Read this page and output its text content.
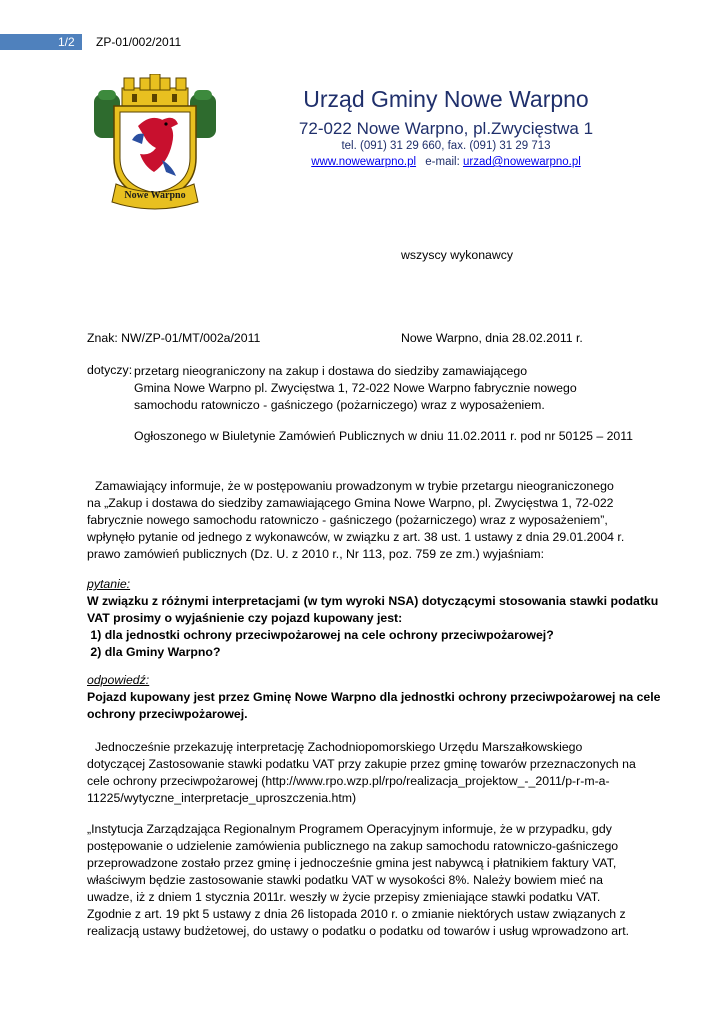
1/2 ZP-01/002/2011
Nowe Warpno
Urząd Gminy Nowe Warpno
72-022 Nowe Warpno, pl.Zwycięstwa 1
tel. (091) 31 29 660, fax. (091) 31 29 713
www.nowewarpno.pl e-mail: urzad@nowewarpno.pl
wszyscy wykonawcy
Znak: NW/ZP-01/MT/002a/2011	Nowe Warpno, dnia 28.02.2011 r.
dotyczy: przetarg nieograniczony na zakup i dostawa do siedziby zamawiającego
Gmina Nowe Warpno pl. Zwycięstwa 1, 72-022 Nowe Warpno fabrycznie nowego
samochodu ratowniczo - gaśniczego (pożarniczego) wraz z wyposażeniem.
Ogłoszonego w Biuletynie Zamówień Publicznych w dniu 11.02.2011 r. pod nr 50125 – 2011
Zamawiający informuje, że w postępowaniu prowadzonym w trybie przetargu nieograniczonego
na „Zakup i dostawa do siedziby zamawiającego Gmina Nowe Warpno, pl. Zwycięstwa 1, 72-022
fabrycznie nowego samochodu ratowniczo - gaśniczego (pożarniczego) wraz z wyposażeniem”,
wpłynęło pytanie od jednego z wykonawców, w związku z art. 38 ust. 1 ustawy z dnia 29.01.2004 r.
prawo zamówień publicznych (Dz. U. z 2010 r., Nr 113, poz. 759 ze zm.) wyjaśniam:
pytanie:
W związku z różnymi interpretacjami (w tym wyroki NSA) dotyczącymi stosowania stawki podatku
VAT prosimy o wyjaśnienie czy pojazd kupowany jest:
1) dla jednostki ochrony przeciwpożarowej na cele ochrony przeciwpożarowej?
2) dla Gminy Warpno?
odpowiedź:
Pojazd kupowany jest przez Gminę Nowe Warpno dla jednostki ochrony przeciwpożarowej na cele
ochrony przeciwpożarowej.
Jednocześnie przekazuję interpretację Zachodniopomorskiego Urzędu Marszałkowskiego
dotyczącej Zastosowanie stawki podatku VAT przy zakupie przez gminę towarów przeznaczonych na
cele ochrony przeciwpożarowej (http://www.rpo.wzp.pl/rpo/realizacja_projektow_-_2011/p-r-m-a-
11225/wytyczne_interpretacje_uproszczenia.htm)
„Instytucja Zarządzająca Regionalnym Programem Operacyjnym informuje, że w przypadku, gdy
postępowanie o udzielenie zamówienia publicznego na zakup samochodu ratowniczo-gaśniczego
przeprowadzone zostało przez gminę i jednocześnie gmina jest nabywcą i płatnikiem faktury VAT,
właściwym będzie zastosowanie stawki podatku VAT w wysokości 8%. Należy bowiem mieć na
uwadze, iż z dniem 1 stycznia 2011r. weszły w życie przepisy zmieniające stawki podatku VAT.
Zgodnie z art. 19 pkt 5 ustawy z dnia 26 listopada 2010 r. o zmianie niektórych ustaw związanych z
realizacją ustawy budżetowej, do ustawy o podatku o podatku od towarów i usług wprowadzono art.
